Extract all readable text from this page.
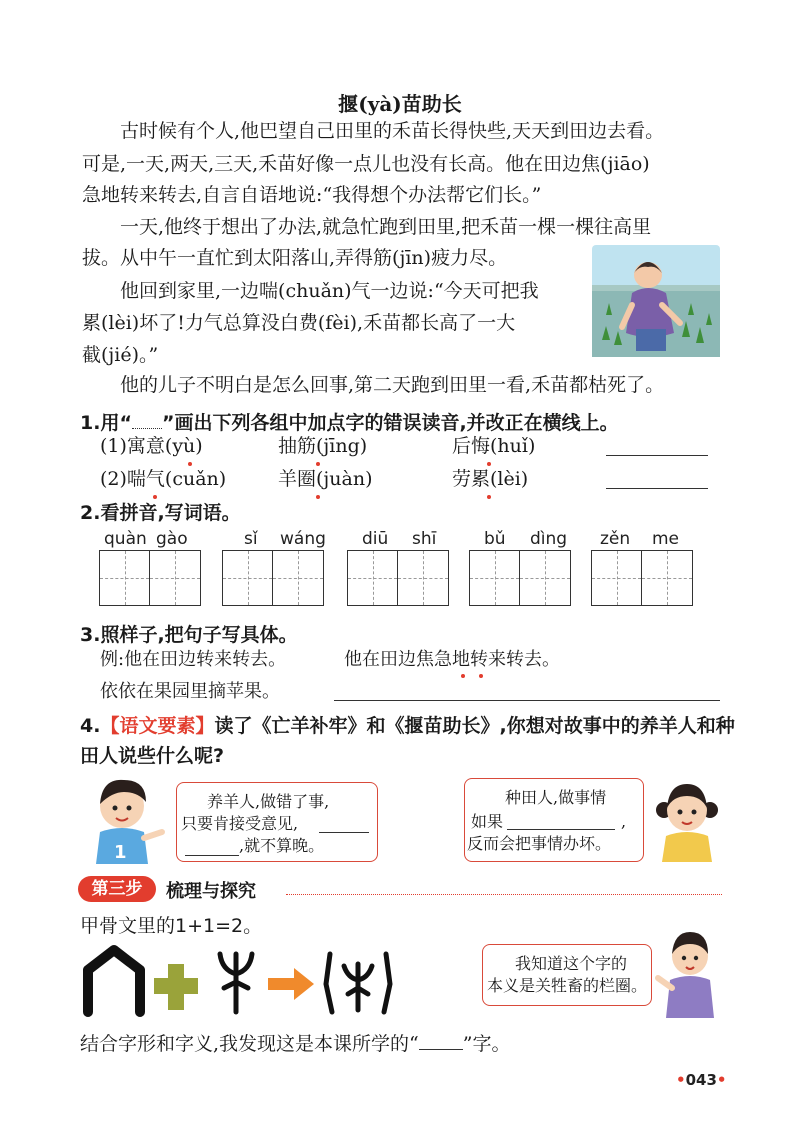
揠(yà)苗助长
古时候有个人,他巴望自己田里的禾苗长得快些,天天到田边去看。
可是,一天,两天,三天,禾苗好像一点儿也没有长高。他在田边焦(jiāo)
急地转来转去,自言自语地说:“我得想个办法帮它们长。”
一天,他终于想出了办法,就急忙跑到田里,把禾苗一棵一棵往高里
拔。从中午一直忙到太阳落山,弄得筋(jīn)疲力尽。
他回到家里,一边喘(chuǎn)气一边说:“今天可把我
累(lèi)坏了!力气总算没白费(fèi),禾苗都长高了一大
截(jié)。”
他的儿子不明白是怎么回事,第二天跑到田里一看,禾苗都枯死了。
1.用“ ”画出下列各组中加点字的错误读音,并改正在横线上。
(1)寓意(yù)	抽筋(jīng)	后悔(huǐ)
(2)喘气(cuǎn)	羊圈(juàn)	劳累(lèi)
2.看拼音,写词语。
quàn gào	sǐ wáng diū shī	bǔ dìng zěn me
3.照样子,把句子写具体。
例:他在田边转来转去。	他在田边焦急地转来转去。
依依在果园里摘苹果。
4.【语文要素】读了《亡羊补牢》和《揠苗助长》,你想对故事中的养羊人和种
田人说些什么呢?
1
养羊人,做错了事,
只要肯接受意见,
,就不算晚。
种田人,做事情
如果	,
反而会把事情办坏。
第三步	梳理与探究
甲骨文里的1+1=2。
我知道这个字的
本义是关牲畜的栏圈。
结合字形和字义,我发现这是本课所学的“ ”字。
•043•
